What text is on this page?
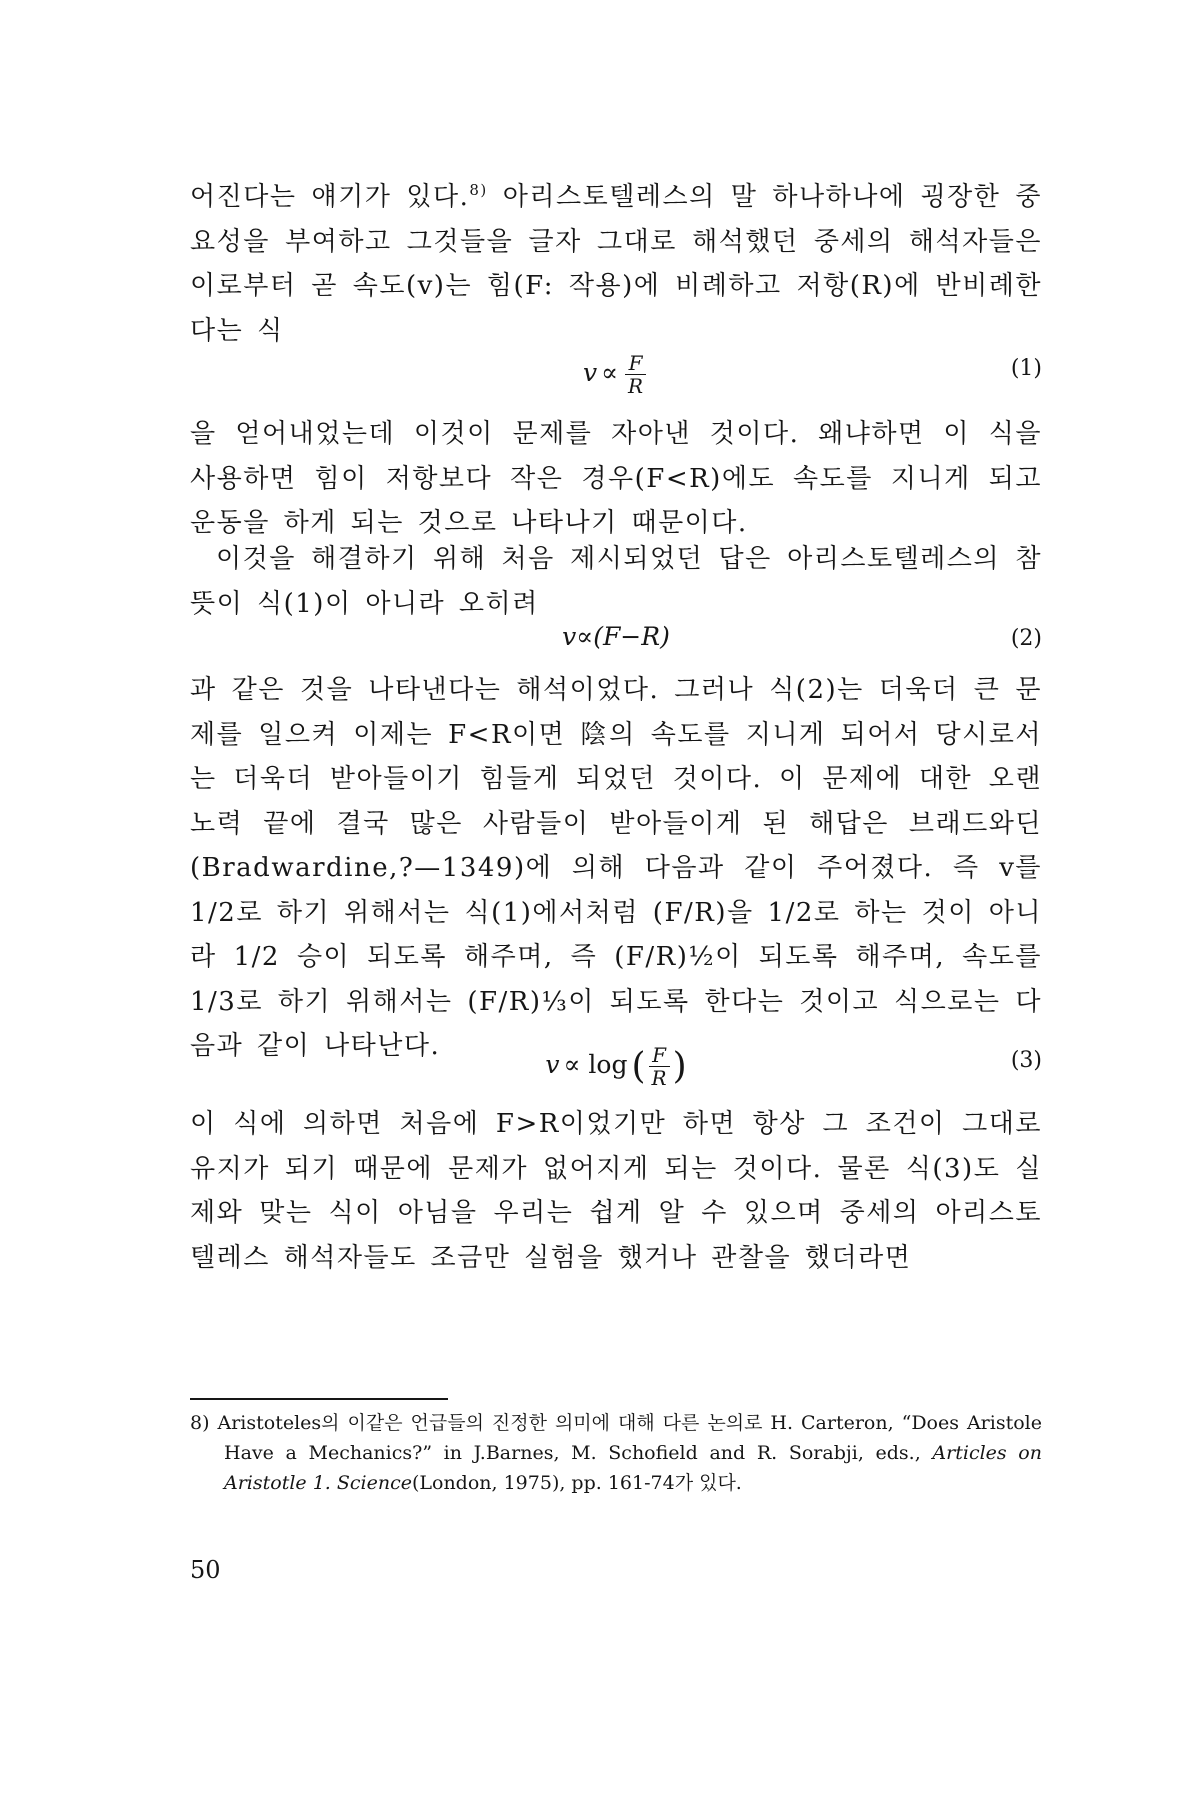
어진다는 얘기가 있다.$^{8)}$ 아리스토텔레스의 말 하나하나에 굉장한 중요성을 부여하고 그것들을 글자 그대로 해석했던 중세의 해석자들은 이로부터 곧 속도(v)는 힘(F: 작용)에 비례하고 저항(R)에 반비례한다는 식

$v \propto \frac{F}{R}$	(1)

을 얻어내었는데 이것이 문제를 자아낸 것이다. 왜냐하면 이 식을 사용하면 힘이 저항보다 작은 경우(F<R)에도 속도를 지니게 되고 운동을 하게 되는 것으로 나타나기 때문이다.

이것을 해결하기 위해 처음 제시되었던 답은 아리스토텔레스의 참뜻이 식(1)이 아니라 오히려

v∝(F−R)	(2)

과 같은 것을 나타낸다는 해석이었다. 그러나 식(2)는 더욱더 큰 문제를 일으켜 이제는 F<R이면 陰의 속도를 지니게 되어서 당시로서는 더욱더 받아들이기 힘들게 되었던 것이다. 이 문제에 대한 오랜 노력 끝에 결국 많은 사람들이 받아들이게 된 해답은 브래드와딘(Bradwardine,?—1349)에 의해 다음과 같이 주어졌다. 즉 v를 1/2로 하기 위해서는 식(1)에서처럼 (F/R)을 1/2로 하는 것이 아니라 1/2 승이 되도록 해주며, 즉 (F/R)½이 되도록 해주며, 속도를 1/3로 하기 위해서는 (F/R)⅓이 되도록 한다는 것이고 식으로는 다음과 같이 나타난다.

v ∝ log ( $\frac{F}{R}$ )	(3)

이 식에 의하면 처음에 F>R이었기만 하면 항상 그 조건이 그대로 유지가 되기 때문에 문제가 없어지게 되는 것이다. 물론 식(3)도 실제와 맞는 식이 아님을 우리는 쉽게 알 수 있으며 중세의 아리스토텔레스 해석자들도 조금만 실험을 했거나 관찰을 했더라면

8) Aristoteles의 이같은 언급들의 진정한 의미에 대해 다른 논의로 H. Carteron, “Does Aristole Have a Mechanics?” in J.Barnes, M. Schofield and R. Sorabji, eds., Articles on Aristotle 1. Science(London, 1975), pp. 161-74가 있다.

50
